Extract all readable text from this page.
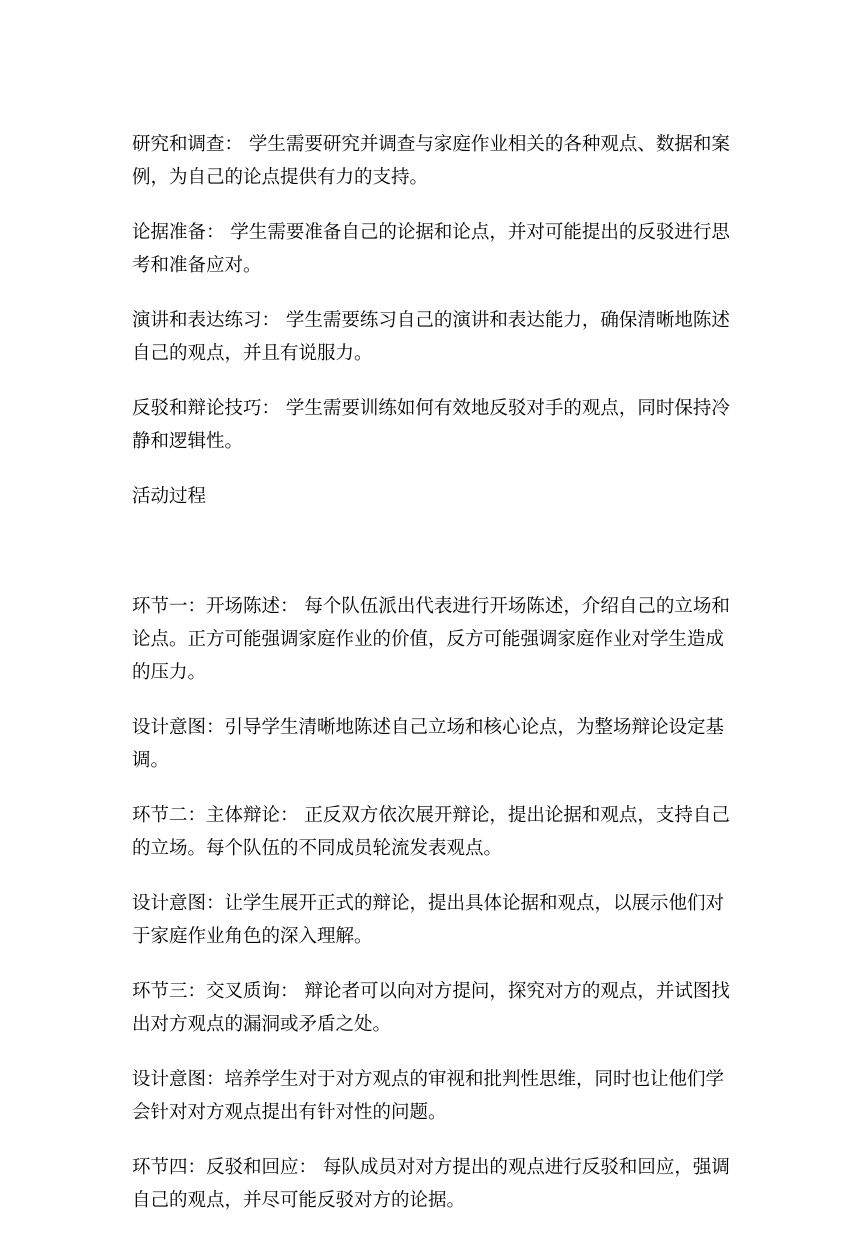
研究和调查： 学生需要研究并调查与家庭作业相关的各种观点、数据和案例，为自己的论点提供有力的支持。

论据准备： 学生需要准备自己的论据和论点，并对可能提出的反驳进行思考和准备应对。

演讲和表达练习： 学生需要练习自己的演讲和表达能力，确保清晰地陈述自己的观点，并且有说服力。

反驳和辩论技巧： 学生需要训练如何有效地反驳对手的观点，同时保持冷静和逻辑性。

活动过程

环节一：开场陈述： 每个队伍派出代表进行开场陈述，介绍自己的立场和论点。正方可能强调家庭作业的价值，反方可能强调家庭作业对学生造成的压力。

设计意图：引导学生清晰地陈述自己立场和核心论点，为整场辩论设定基调。

环节二：主体辩论： 正反双方依次展开辩论，提出论据和观点，支持自己的立场。每个队伍的不同成员轮流发表观点。

设计意图：让学生展开正式的辩论，提出具体论据和观点，以展示他们对于家庭作业角色的深入理解。

环节三：交叉质询： 辩论者可以向对方提问，探究对方的观点，并试图找出对方观点的漏洞或矛盾之处。

设计意图：培养学生对于对方观点的审视和批判性思维，同时也让他们学会针对对方观点提出有针对性的问题。

环节四：反驳和回应： 每队成员对对方提出的观点进行反驳和回应，强调自己的观点，并尽可能反驳对方的论据。
